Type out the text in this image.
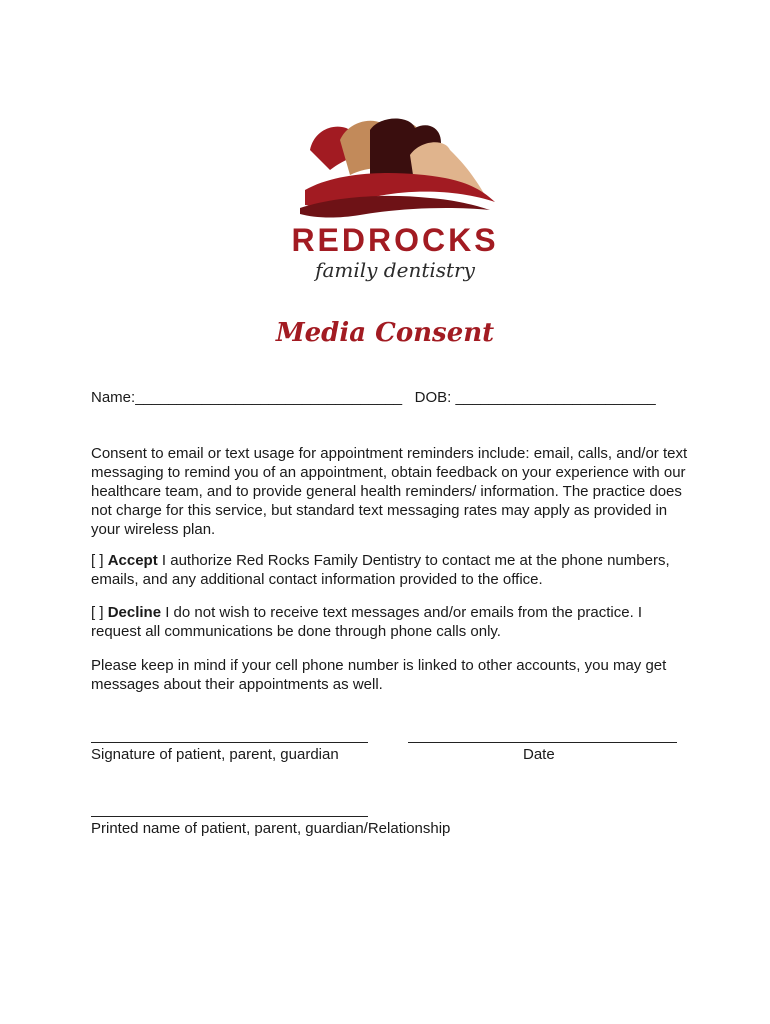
REDROCKS
family dentistry
Media Consent
Name:________________________________ DOB: ________________________
Consent to email or text usage for appointment reminders include: email, calls, and/or text messaging to remind you of an appointment, obtain feedback on your experience with our healthcare team, and to provide general health reminders/ information. The practice does not charge for this service, but standard text messaging rates may apply as provided in your wireless plan.
[ ] Accept I authorize Red Rocks Family Dentistry to contact me at the phone numbers, emails, and any additional contact information provided to the office.
[ ] Decline I do not wish to receive text messages and/or emails from the practice. I request all communications be done through phone calls only.
Please keep in mind if your cell phone number is linked to other accounts, you may get messages about their appointments as well.
Signature of patient, parent, guardian	Date
Printed name of patient, parent, guardian/Relationship
